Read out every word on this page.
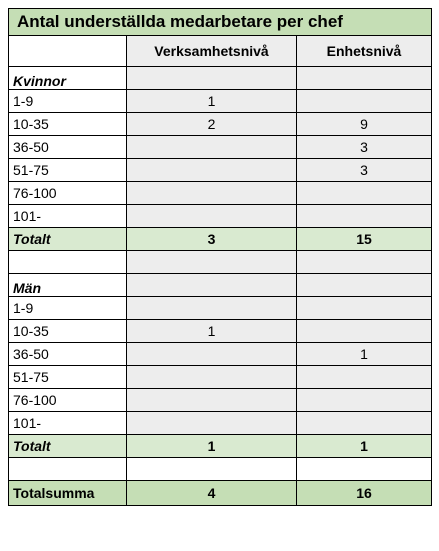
Antal underställda medarbetare per chef		
	Verksamhetsnivå	Enhetsnivå
Kvinnor		
1-9	1	
10-35	2	9
36-50		3
51-75		3
76-100		
101-		
Totalt	3	15

Män		
1-9		
10-35	1	
36-50		1
51-75		
76-100		
101-		
Totalt	1	1

Totalsumma	4	16
